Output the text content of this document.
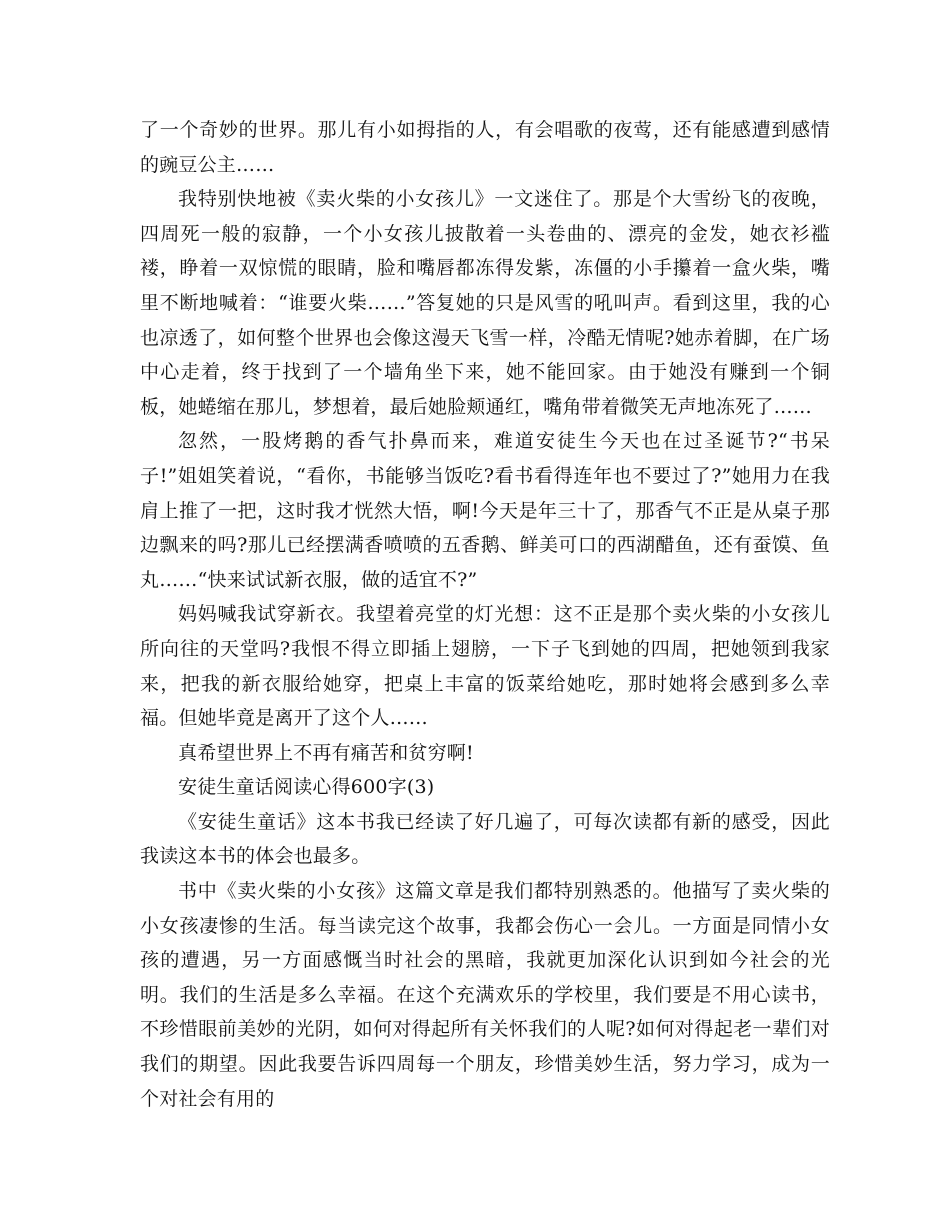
了一个奇妙的世界。那儿有小如拇指的人，有会唱歌的夜莺，还有能感遭到感情的豌豆公主……

我特别快地被《卖火柴的小女孩儿》一文迷住了。那是个大雪纷飞的夜晚，四周死一般的寂静，一个小女孩儿披散着一头卷曲的、漂亮的金发，她衣衫褴褛，睁着一双惊慌的眼睛，脸和嘴唇都冻得发紫，冻僵的小手攥着一盒火柴，嘴里不断地喊着：“谁要火柴……”答复她的只是风雪的吼叫声。看到这里，我的心也凉透了，如何整个世界也会像这漫天飞雪一样，冷酷无情呢?她赤着脚，在广场中心走着，终于找到了一个墙角坐下来，她不能回家。由于她没有赚到一个铜板，她蜷缩在那儿，梦想着，最后她脸颊通红，嘴角带着微笑无声地冻死了……

忽然，一股烤鹅的香气扑鼻而来，难道安徒生今天也在过圣诞节?“书呆子!”姐姐笑着说，“看你，书能够当饭吃?看书看得连年也不要过了?”她用力在我肩上推了一把，这时我才恍然大悟，啊!今天是年三十了，那香气不正是从桌子那边飘来的吗?那儿已经摆满香喷喷的五香鹅、鲜美可口的西湖醋鱼，还有蚕馍、鱼丸……“快来试试新衣服，做的适宜不?”

妈妈喊我试穿新衣。我望着亮堂的灯光想：这不正是那个卖火柴的小女孩儿所向往的天堂吗?我恨不得立即插上翅膀，一下子飞到她的四周，把她领到我家来，把我的新衣服给她穿，把桌上丰富的饭菜给她吃，那时她将会感到多么幸福。但她毕竟是离开了这个人……

真希望世界上不再有痛苦和贫穷啊!

安徒生童话阅读心得600字(3)

《安徒生童话》这本书我已经读了好几遍了，可每次读都有新的感受，因此我读这本书的体会也最多。

书中《卖火柴的小女孩》这篇文章是我们都特别熟悉的。他描写了卖火柴的小女孩凄惨的生活。每当读完这个故事，我都会伤心一会儿。一方面是同情小女孩的遭遇，另一方面感慨当时社会的黑暗，我就更加深化认识到如今社会的光明。我们的生活是多么幸福。在这个充满欢乐的学校里，我们要是不用心读书，不珍惜眼前美妙的光阴，如何对得起所有关怀我们的人呢?如何对得起老一辈们对我们的期望。因此我要告诉四周每一个朋友，珍惜美妙生活，努力学习，成为一个对社会有用的
